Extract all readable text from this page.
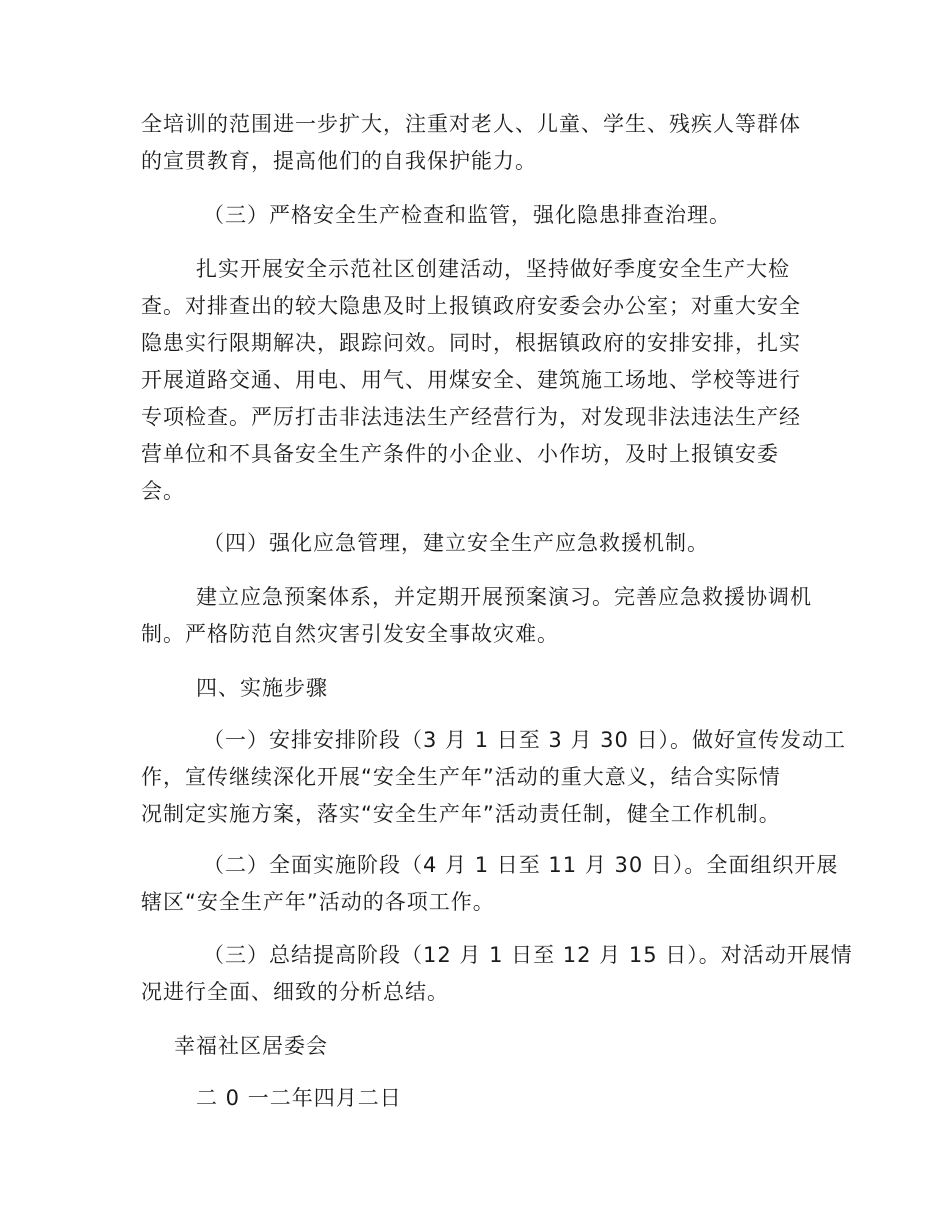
全培训的范围进一步扩大，注重对老人、儿童、学生、残疾人等群体
的宣贯教育，提高他们的自我保护能力。
（三）严格安全生产检查和监管，强化隐患排查治理。
扎实开展安全示范社区创建活动，坚持做好季度安全生产大检
查。对排查出的较大隐患及时上报镇政府安委会办公室；对重大安全
隐患实行限期解决，跟踪问效。同时，根据镇政府的安排安排，扎实
开展道路交通、用电、用气、用煤安全、建筑施工场地、学校等进行
专项检查。严厉打击非法违法生产经营行为，对发现非法违法生产经
营单位和不具备安全生产条件的小企业、小作坊，及时上报镇安委
会。
（四）强化应急管理，建立安全生产应急救援机制。
建立应急预案体系，并定期开展预案演习。完善应急救援协调机
制。严格防范自然灾害引发安全事故灾难。
四、实施步骤
（一）安排安排阶段（3 月 1 日至 3 月 30 日）。做好宣传发动工
作，宣传继续深化开展“安全生产年”活动的重大意义，结合实际情
况制定实施方案，落实“安全生产年”活动责任制，健全工作机制。
（二）全面实施阶段（4 月 1 日至 11 月 30 日）。全面组织开展
辖区“安全生产年”活动的各项工作。
（三）总结提高阶段（12 月 1 日至 12 月 15 日）。对活动开展情
况进行全面、细致的分析总结。
幸福社区居委会
二 0 一二年四月二日
